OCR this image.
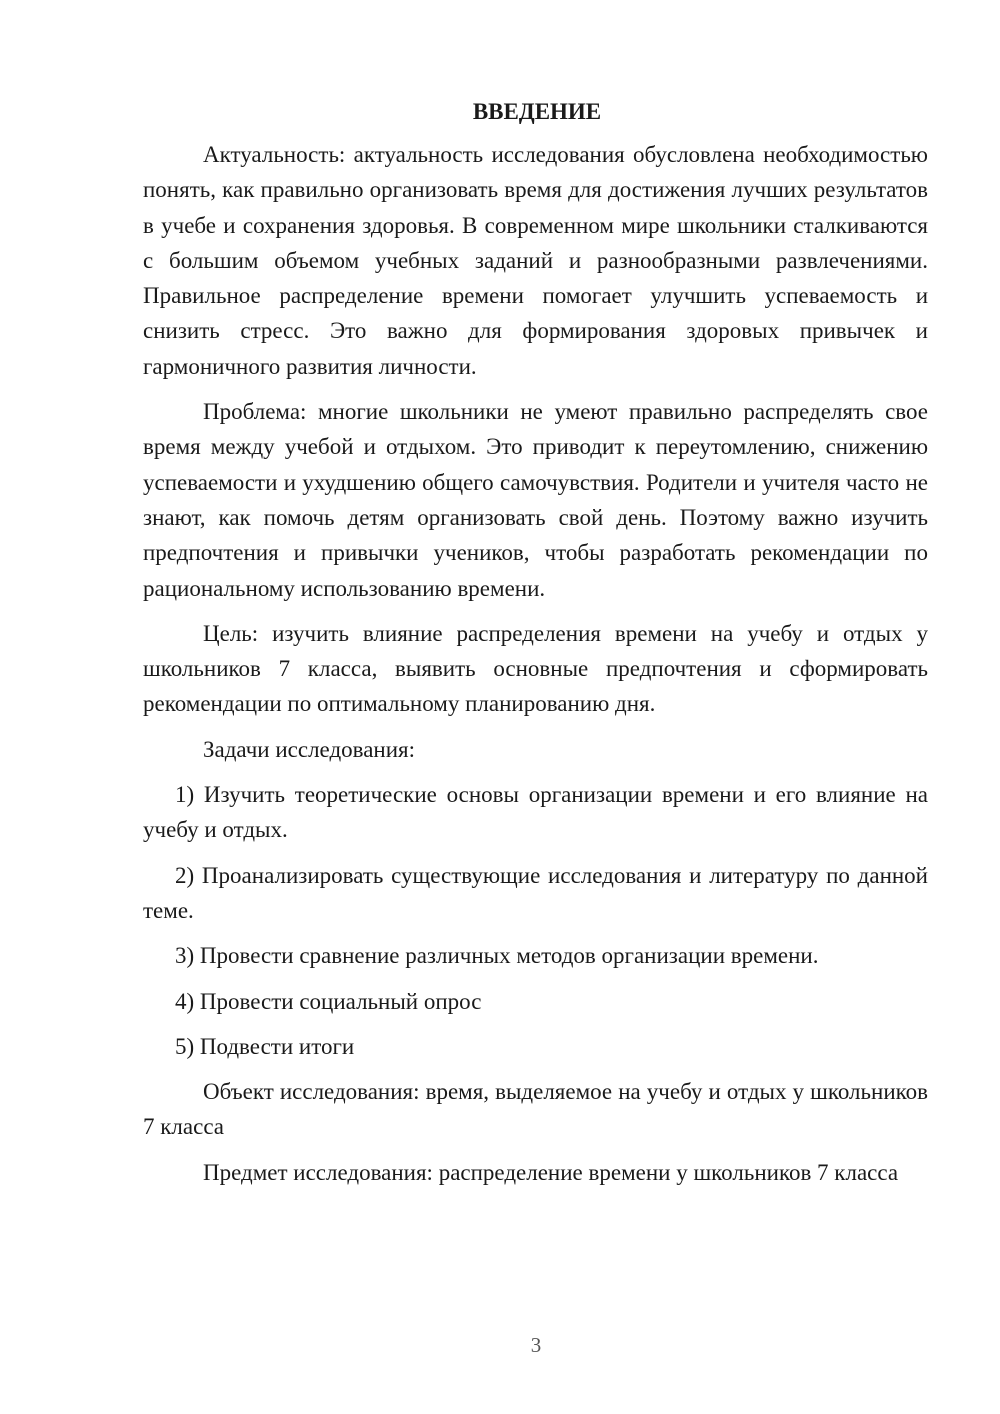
ВВЕДЕНИЕ

Актуальность: актуальность исследования обусловлена необходимостью понять, как правильно организовать время для достижения лучших результатов в учебе и сохранения здоровья. В современном мире школьники сталкиваются с большим объемом учебных заданий и разнообразными развлечениями. Правильное распределение времени помогает улучшить успеваемость и снизить стресс. Это важно для формирования здоровых привычек и гармоничного развития личности.

Проблема: многие школьники не умеют правильно распределять свое время между учебой и отдыхом. Это приводит к переутомлению, снижению успеваемости и ухудшению общего самочувствия. Родители и учителя часто не знают, как помочь детям организовать свой день. Поэтому важно изучить предпочтения и привычки учеников, чтобы разработать рекомендации по рациональному использованию времени.

Цель: изучить влияние распределения времени на учебу и отдых у школьников 7 класса, выявить основные предпочтения и сформировать рекомендации по оптимальному планированию дня.

Задачи исследования:

1) Изучить теоретические основы организации времени и его влияние на учебу и отдых.

2) Проанализировать существующие исследования и литературу по данной теме.

3) Провести сравнение различных методов организации времени.

4) Провести социальный опрос

5) Подвести итоги

Объект исследования: время, выделяемое на учебу и отдых у школьников 7 класса

Предмет исследования: распределение времени у школьников 7 класса

3
